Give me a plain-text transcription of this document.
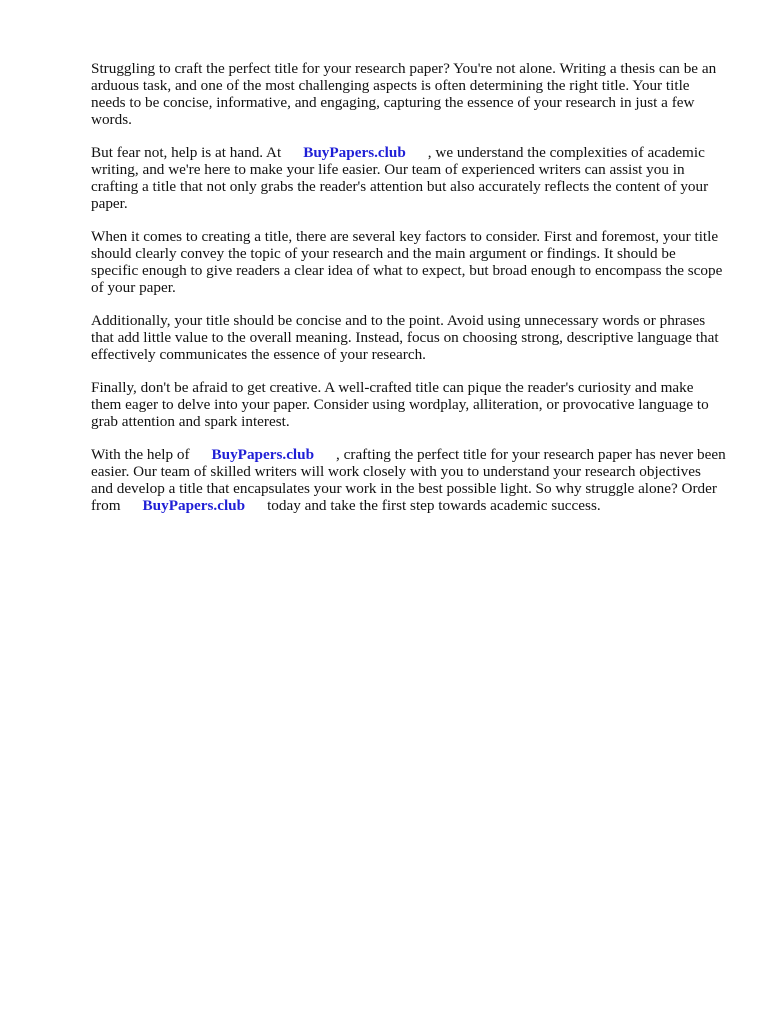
Struggling to craft the perfect title for your research paper? You're not alone. Writing a thesis can be an arduous task, and one of the most challenging aspects is often determining the right title. Your title needs to be concise, informative, and engaging, capturing the essence of your research in just a few words.

But fear not, help is at hand. At BuyPapers.club , we understand the complexities of academic writing, and we're here to make your life easier. Our team of experienced writers can assist you in crafting a title that not only grabs the reader's attention but also accurately reflects the content of your paper.

When it comes to creating a title, there are several key factors to consider. First and foremost, your title should clearly convey the topic of your research and the main argument or findings. It should be specific enough to give readers a clear idea of what to expect, but broad enough to encompass the scope of your paper.

Additionally, your title should be concise and to the point. Avoid using unnecessary words or phrases that add little value to the overall meaning. Instead, focus on choosing strong, descriptive language that effectively communicates the essence of your research.

Finally, don't be afraid to get creative. A well-crafted title can pique the reader's curiosity and make them eager to delve into your paper. Consider using wordplay, alliteration, or provocative language to grab attention and spark interest.

With the help of BuyPapers.club , crafting the perfect title for your research paper has never been easier. Our team of skilled writers will work closely with you to understand your research objectives and develop a title that encapsulates your work in the best possible light. So why struggle alone? Order from BuyPapers.club today and take the first step towards academic success.
